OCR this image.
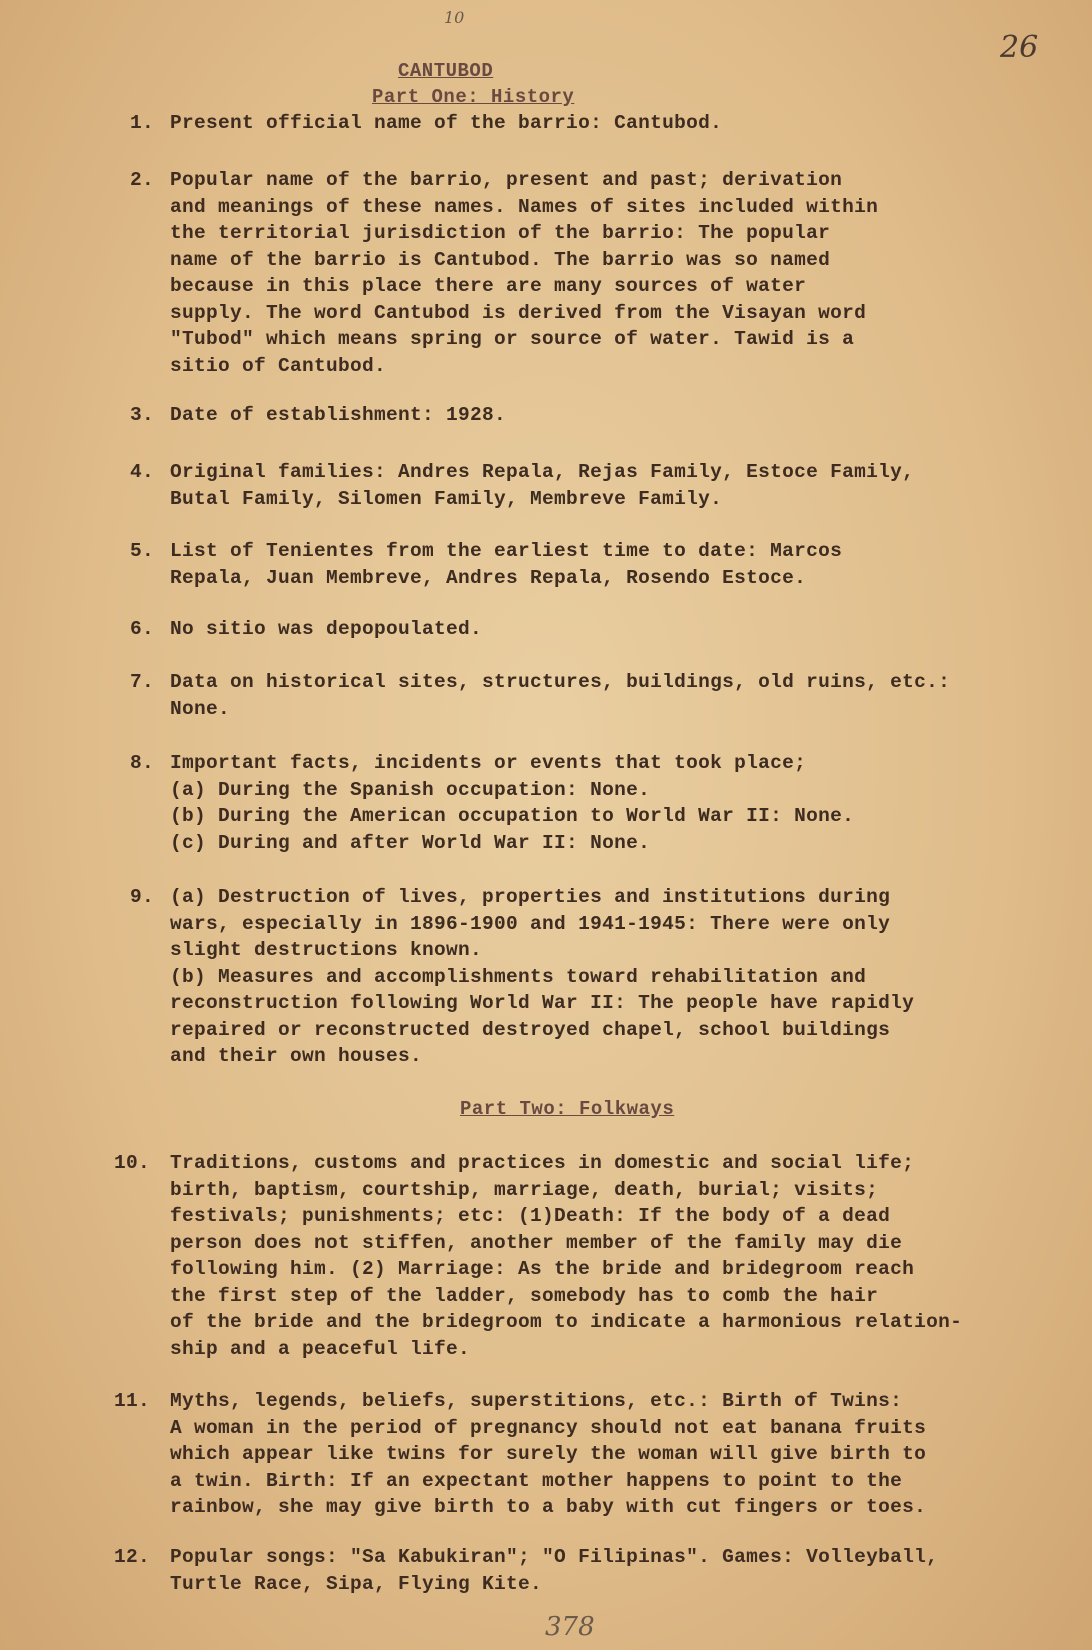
10
26
CANTUBOD
Part One: History
1. Present official name of the barrio: Cantubod.
2. Popular name of the barrio, present and past; derivation
and meanings of these names. Names of sites included within
the territorial jurisdiction of the barrio: The popular
name of the barrio is Cantubod. The barrio was so named
because in this place there are many sources of water
supply. The word Cantubod is derived from the Visayan word
"Tubod" which means spring or source of water. Tawid is a
sitio of Cantubod.
3. Date of establishment: 1928.
4. Original families: Andres Repala, Rejas Family, Estoce Family,
Butal Family, Silomen Family, Membreve Family.
5. List of Tenientes from the earliest time to date: Marcos
Repala, Juan Membreve, Andres Repala, Rosendo Estoce.
6. No sitio was depopoulated.
7. Data on historical sites, structures, buildings, old ruins, etc.:
None.
8. Important facts, incidents or events that took place;
(a) During the Spanish occupation: None.
(b) During the American occupation to World War II: None.
(c) During and after World War II: None.
9. (a) Destruction of lives, properties and institutions during
wars, especially in 1896-1900 and 1941-1945: There were only
slight destructions known.
(b) Measures and accomplishments toward rehabilitation and
reconstruction following World War II: The people have rapidly
repaired or reconstructed destroyed chapel, school buildings
and their own houses.
Part Two: Folkways
10. Traditions, customs and practices in domestic and social life;
birth, baptism, courtship, marriage, death, burial; visits;
festivals; punishments; etc: (1)Death: If the body of a dead
person does not stiffen, another member of the family may die
following him. (2) Marriage: As the bride and bridegroom reach
the first step of the ladder, somebody has to comb the hair
of the bride and the bridegroom to indicate a harmonious relation-
ship and a peaceful life.
11. Myths, legends, beliefs, superstitions, etc.: Birth of Twins:
A woman in the period of pregnancy should not eat banana fruits
which appear like twins for surely the woman will give birth to
a twin. Birth: If an expectant mother happens to point to the
rainbow, she may give birth to a baby with cut fingers or toes.
12. Popular songs: "Sa Kabukiran"; "O Filipinas". Games: Volleyball,
Turtle Race, Sipa, Flying Kite.
378
